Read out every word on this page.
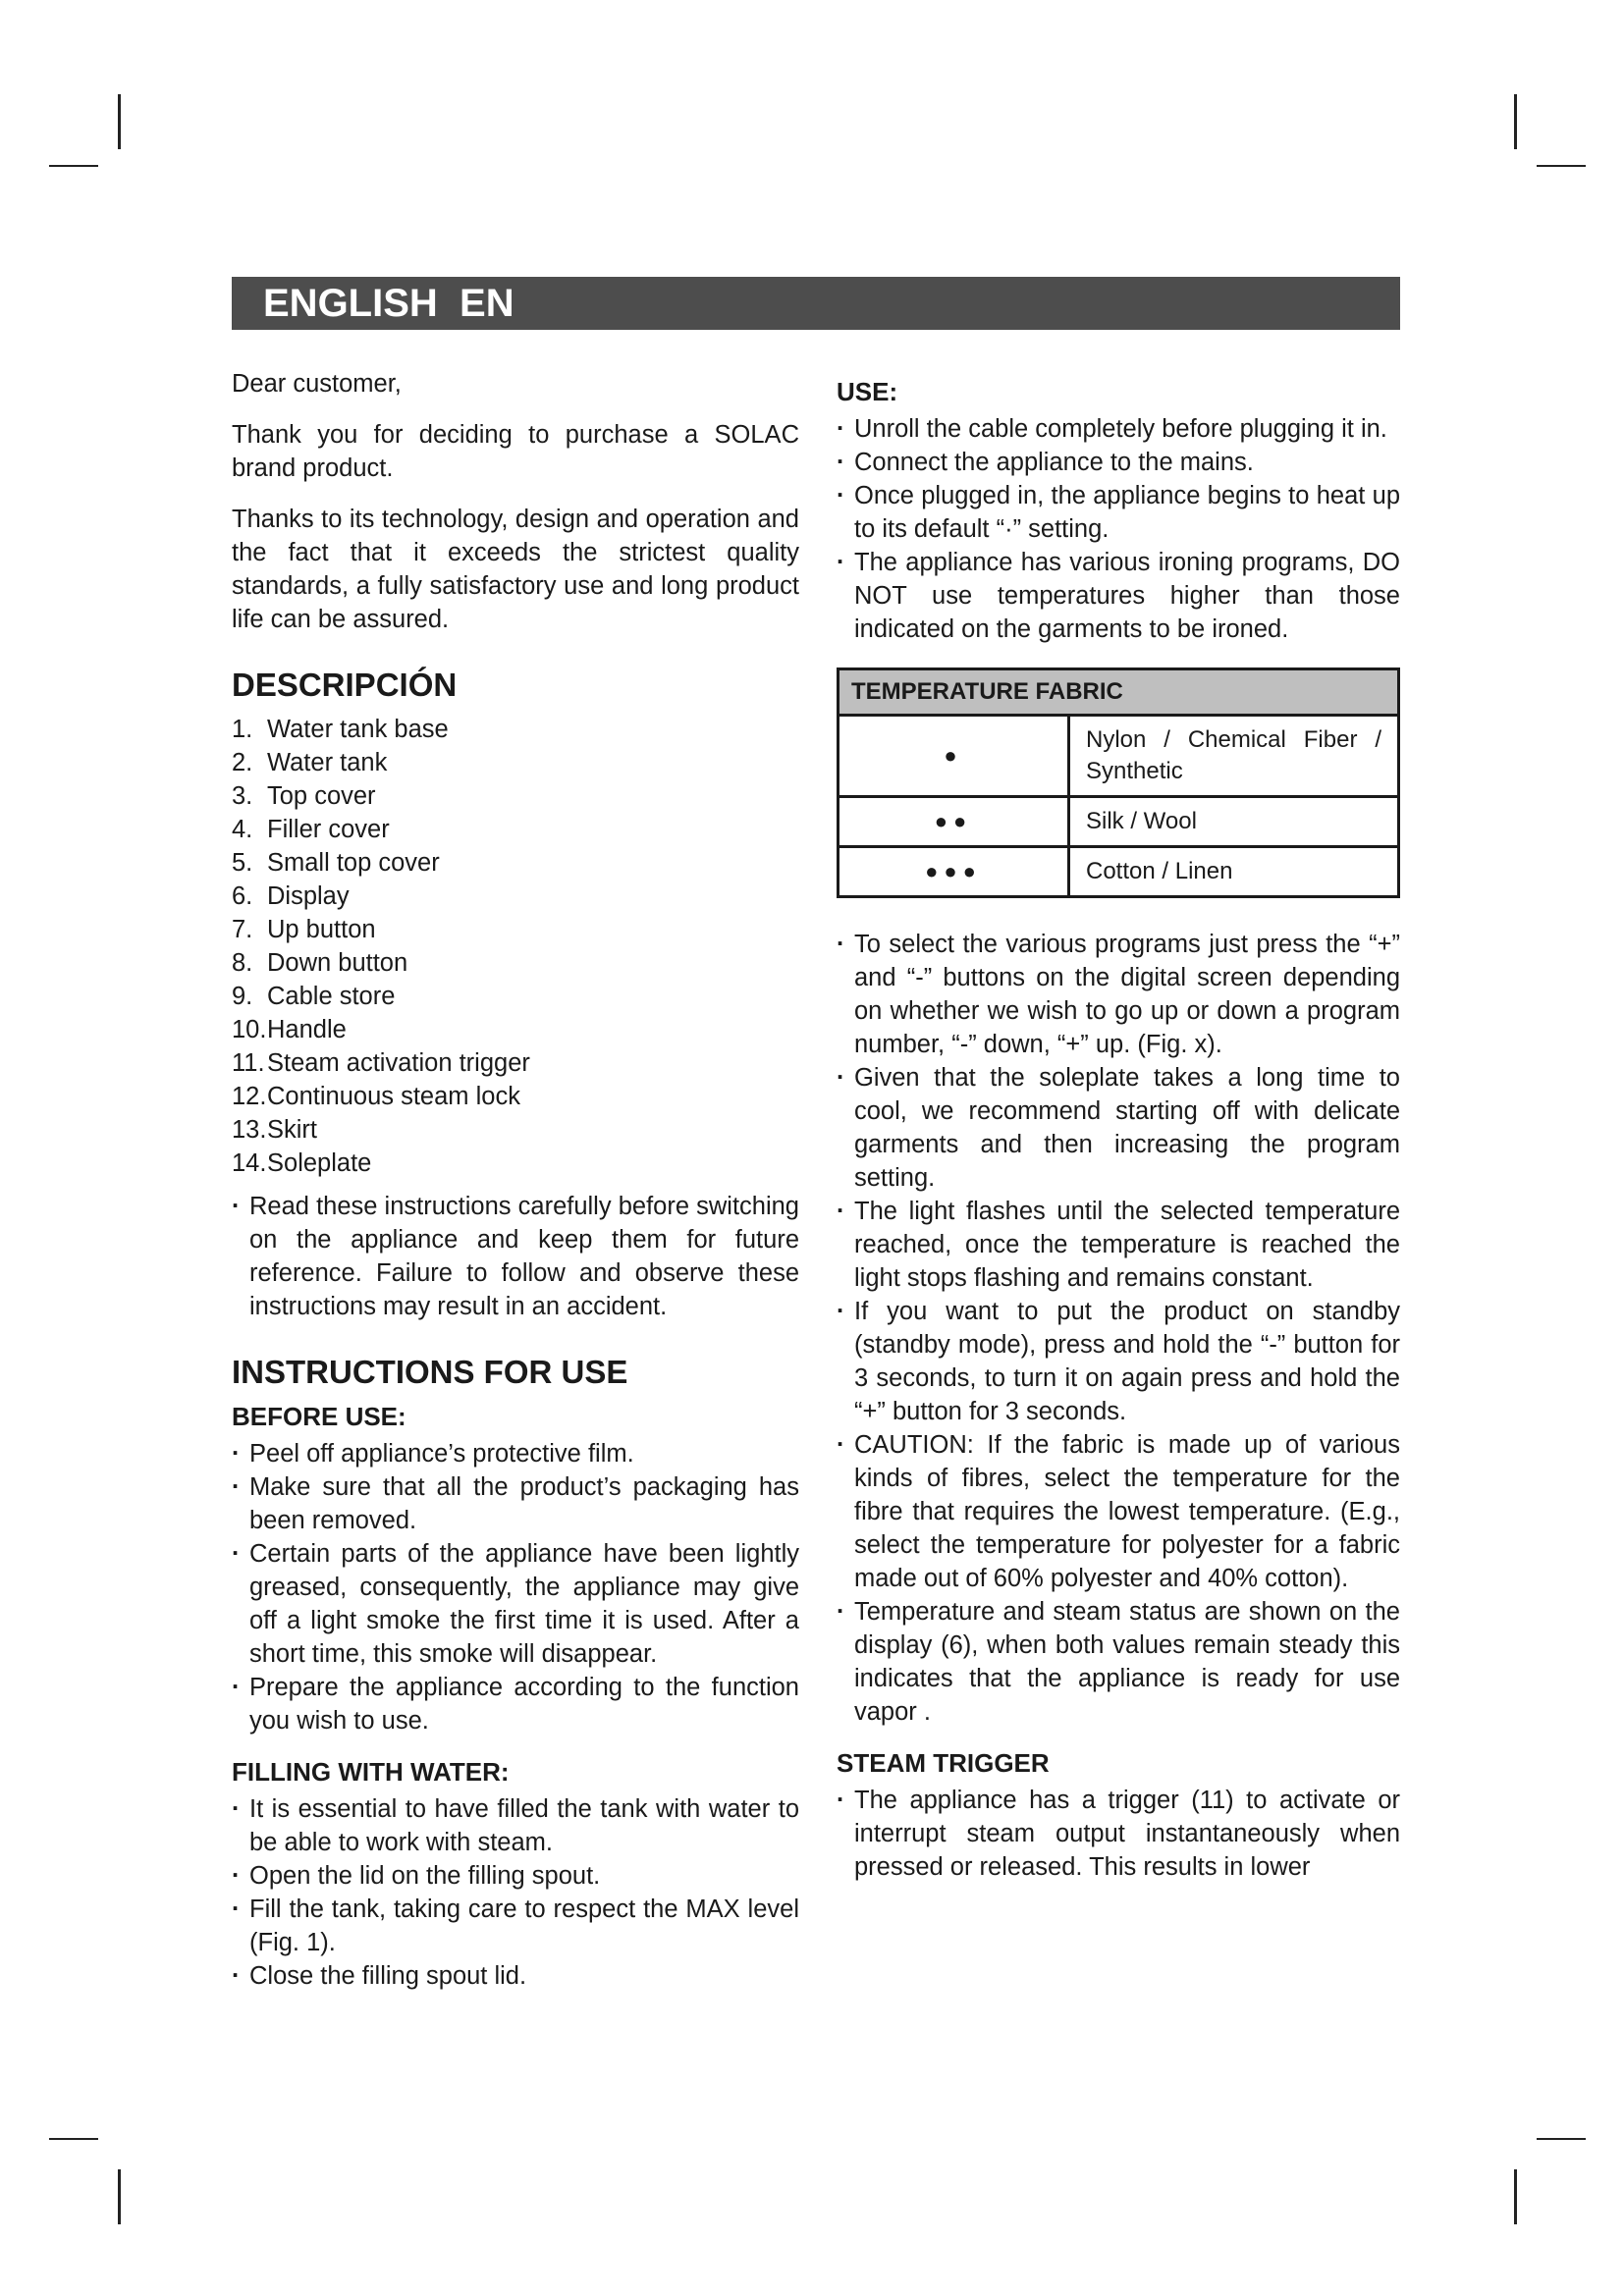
ENGLISH  EN

Dear customer,

Thank you for deciding to purchase a SOLAC brand product.

Thanks to its technology, design and operation and the fact that it exceeds the strictest quality standards, a fully satisfactory use and long product life can be assured.

DESCRIPCIÓN
1. Water tank base
2. Water tank
3. Top cover
4. Filler cover
5. Small top cover
6. Display
7. Up button
8. Down button
9. Cable store
10. Handle
11. Steam activation trigger
12. Continuous steam lock
13. Skirt
14. Soleplate
· Read these instructions carefully before switching on the appliance and keep them for future reference. Failure to follow and observe these instructions may result in an accident.
INSTRUCTIONS FOR USE
BEFORE USE:
· Peel off appliance’s protective film.
· Make sure that all the product’s packaging has been removed.
· Certain parts of the appliance have been lightly greased, consequently, the appliance may give off a light smoke the first time it is used. After a short time, this smoke will disappear.
· Prepare the appliance according to the function you wish to use.
FILLING WITH WATER:
· It is essential to have filled the tank with water to be able to work with steam.
· Open the lid on the filling spout.
· Fill the tank, taking care to respect the MAX level (Fig. 1).
· Close the filling spout lid.
USE:
· Unroll the cable completely before plugging it in.
· Connect the appliance to the mains.
· Once plugged in, the appliance begins to heat up to its default “·” setting.
· The appliance has various ironing programs, DO NOT use temperatures higher than those indicated on the garments to be ironed.
TEMPERATURE FABRIC	
●	Nylon / Chemical Fiber / Synthetic
●●	Silk / Wool
●●●	Cotton / Linen
· To select the various programs just press the “+” and “-” buttons on the digital screen depending on whether we wish to go up or down a program number, “-” down, “+” up. (Fig. x).
· Given that the soleplate takes a long time to cool, we recommend starting off with delicate garments and then increasing the program setting.
· The light flashes until the selected temperature reached, once the temperature is reached the light stops flashing and remains constant.
· If you want to put the product on standby (standby mode), press and hold the “-” button for 3 seconds, to turn it on again press and hold the “+” button for 3 seconds.
· CAUTION: If the fabric is made up of various kinds of fibres, select the temperature for the fibre that requires the lowest temperature. (E.g., select the temperature for polyester for a fabric made out of 60% polyester and 40% cotton).
· Temperature and steam status are shown on the display (6), when both values remain steady this indicates that the appliance is ready for use vapor .
STEAM TRIGGER
· The appliance has a trigger (11) to activate or interrupt steam output instantaneously when pressed or released. This results in lower
